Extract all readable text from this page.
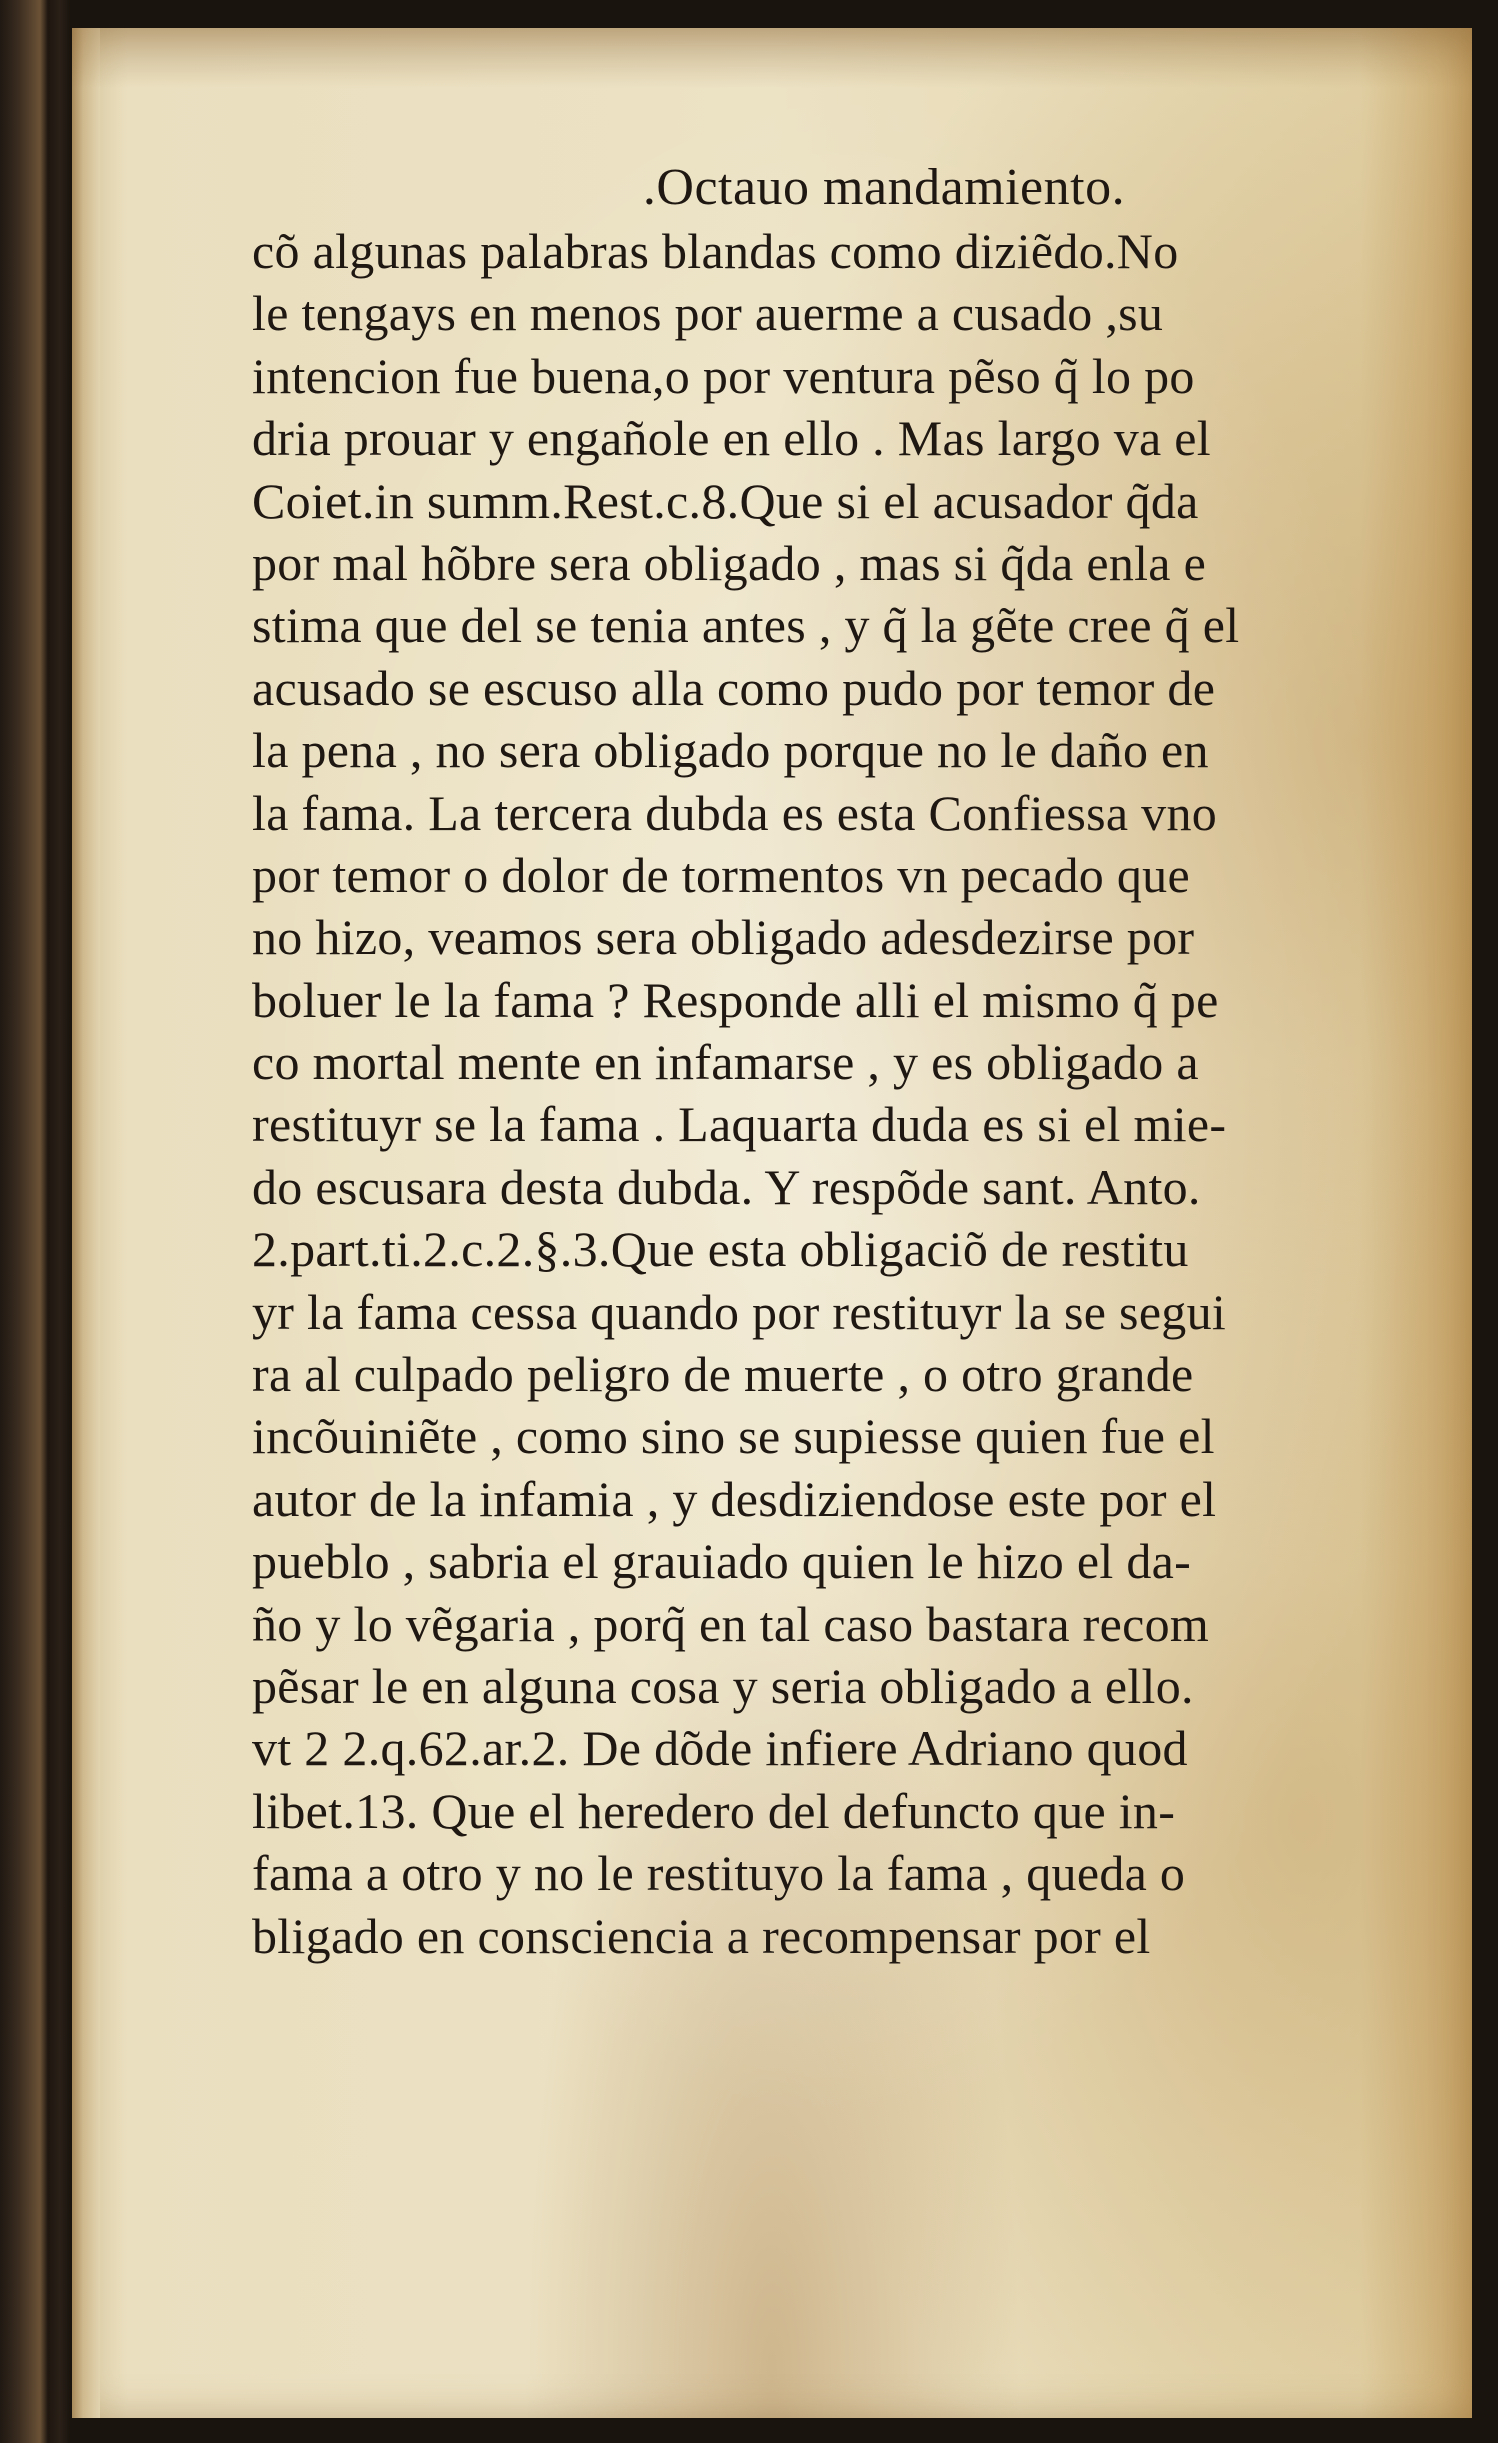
.Octauo mandamiento.
cõ algunas palabras blandas como diziẽdo.No
le tengays en menos por auerme a cusado ,su
intencion fue buena,o por ventura pẽso q̃ lo po
dria prouar y engañole en ello . Mas largo va el
Coiet.in summ.Rest.c.8.Que si el acusador q̃da
por mal hõbre sera obligado , mas si q̃da enla e
stima que del se tenia antes , y q̃ la gẽte cree q̃ el
acusado se escuso alla como pudo por temor de
la pena , no sera obligado porque no le daño en
la fama. La tercera dubda es esta Confiessa vno
por temor o dolor de tormentos vn pecado que
no hizo, veamos sera obligado adesdezirse por
boluer le la fama ? Responde alli el mismo q̃ pe
co mortal mente en infamarse , y es obligado a
restituyr se la fama . Laquarta duda es si el mie-
do escusara desta dubda. Y respõde sant. Anto.
2.part.ti.2.c.2.§.3.Que esta obligaciõ de restitu
yr la fama cessa quando por restituyr la se segui
ra al culpado peligro de muerte , o otro grande
incõuiniẽte , como sino se supiesse quien fue el
autor de la infamia , y desdiziendose este por el
pueblo , sabria el grauiado quien le hizo el da-
ño y lo vẽgaria , porq̃ en tal caso bastara recom
pẽsar le en alguna cosa y seria obligado a ello.
vt 2 2.q.62.ar.2. De dõde infiere Adriano quod
libet.13. Que el heredero del defuncto que in-
fama a otro y no le restituyo la fama , queda o
bligado en consciencia a recompensar por el
